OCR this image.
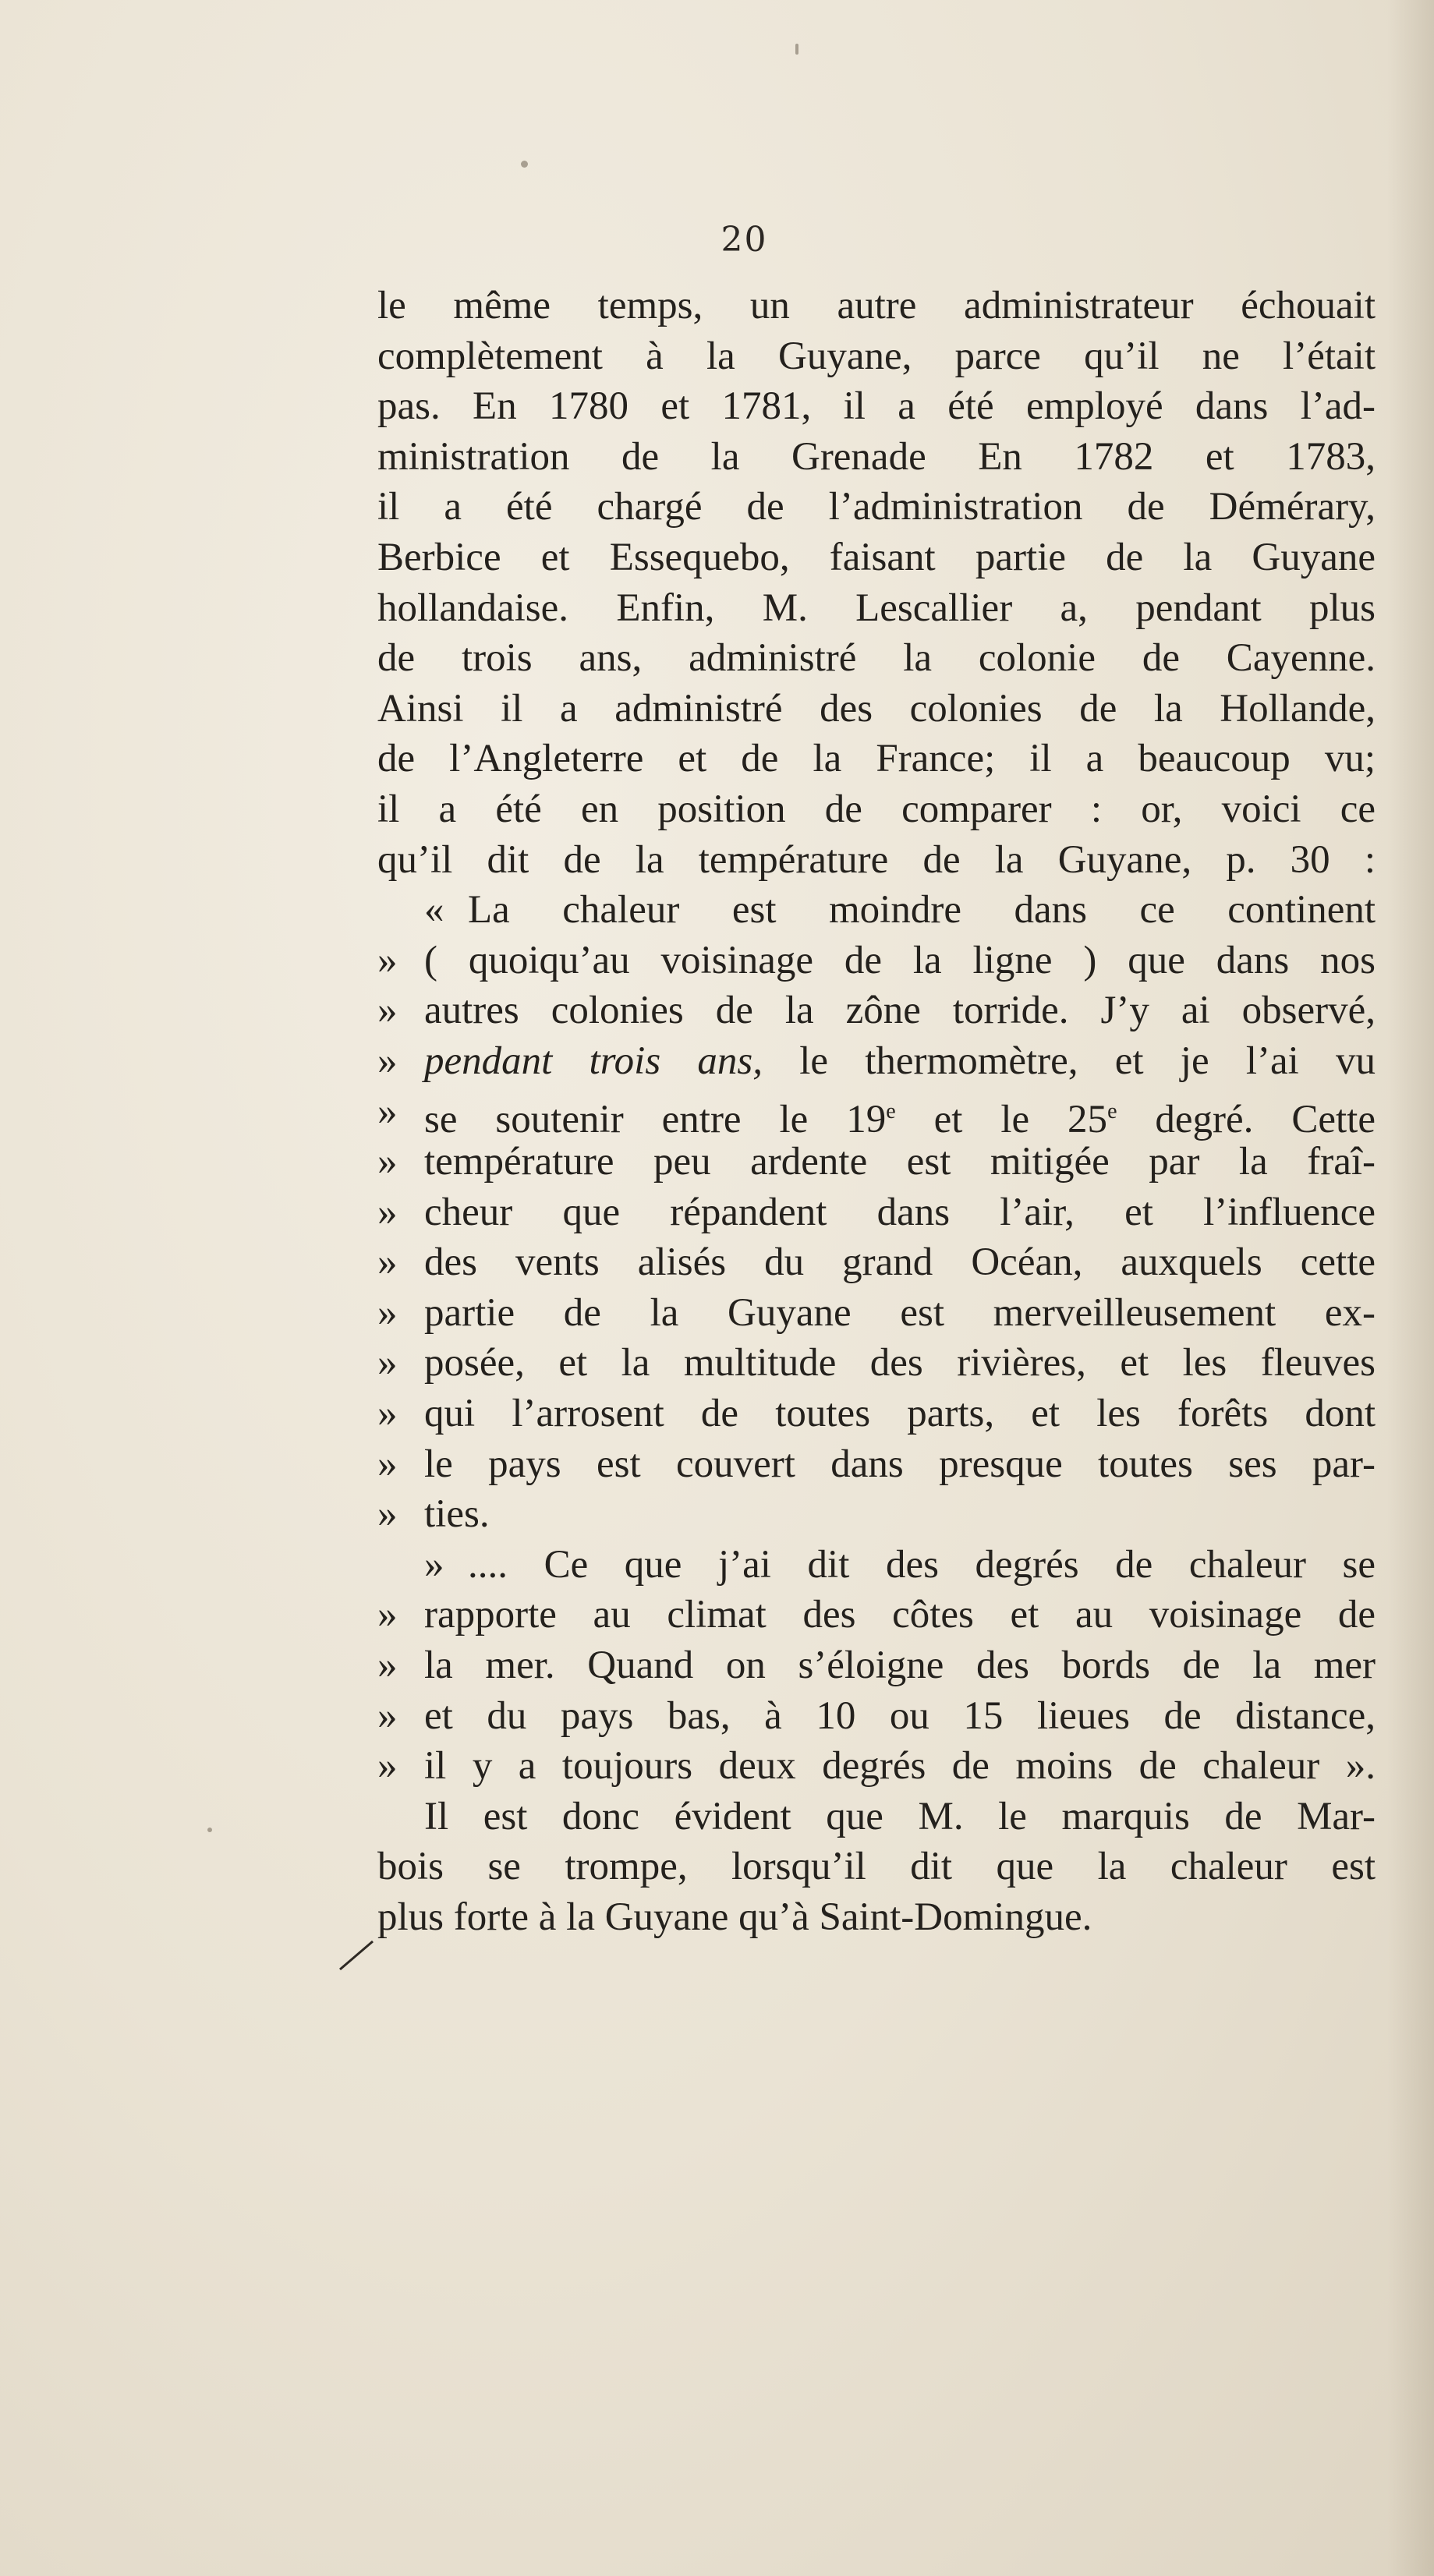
20
le même temps, un autre administrateur échouait
complètement à la Guyane, parce qu’il ne l’était
pas. En 1780 et 1781, il a été employé dans l’ad-
ministration de la Grenade En 1782 et 1783,
il a été chargé de l’administration de Démérary,
Berbice et Essequebo, faisant partie de la Guyane
hollandaise. Enfin, M. Lescallier a, pendant plus
de trois ans, administré la colonie de Cayenne.
Ainsi il a administré des colonies de la Hollande,
de l’Angleterre et de la France; il a beaucoup vu;
il a été en position de comparer : or, voici ce
qu’il dit de la température de la Guyane, p. 30 :
« La chaleur est moindre dans ce continent
» ( quoiqu’au voisinage de la ligne ) que dans nos
» autres colonies de la zône torride. J’y ai observé,
» pendant trois ans, le thermomètre, et je l’ai vu
» se soutenir entre le 19e et le 25e degré. Cette
» température peu ardente est mitigée par la fraî-
» cheur que répandent dans l’air, et l’influence
» des vents alisés du grand Océan, auxquels cette
» partie de la Guyane est merveilleusement ex-
» posée, et la multitude des rivières, et les fleuves
» qui l’arrosent de toutes parts, et les forêts dont
» le pays est couvert dans presque toutes ses par-
» ties.
» .... Ce que j’ai dit des degrés de chaleur se
» rapporte au climat des côtes et au voisinage de
» la mer. Quand on s’éloigne des bords de la mer
» et du pays bas, à 10 ou 15 lieues de distance,
» il y a toujours deux degrés de moins de chaleur ».
Il est donc évident que M. le marquis de Mar-
bois se trompe, lorsqu’il dit que la chaleur est
plus forte à la Guyane qu’à Saint-Domingue.
